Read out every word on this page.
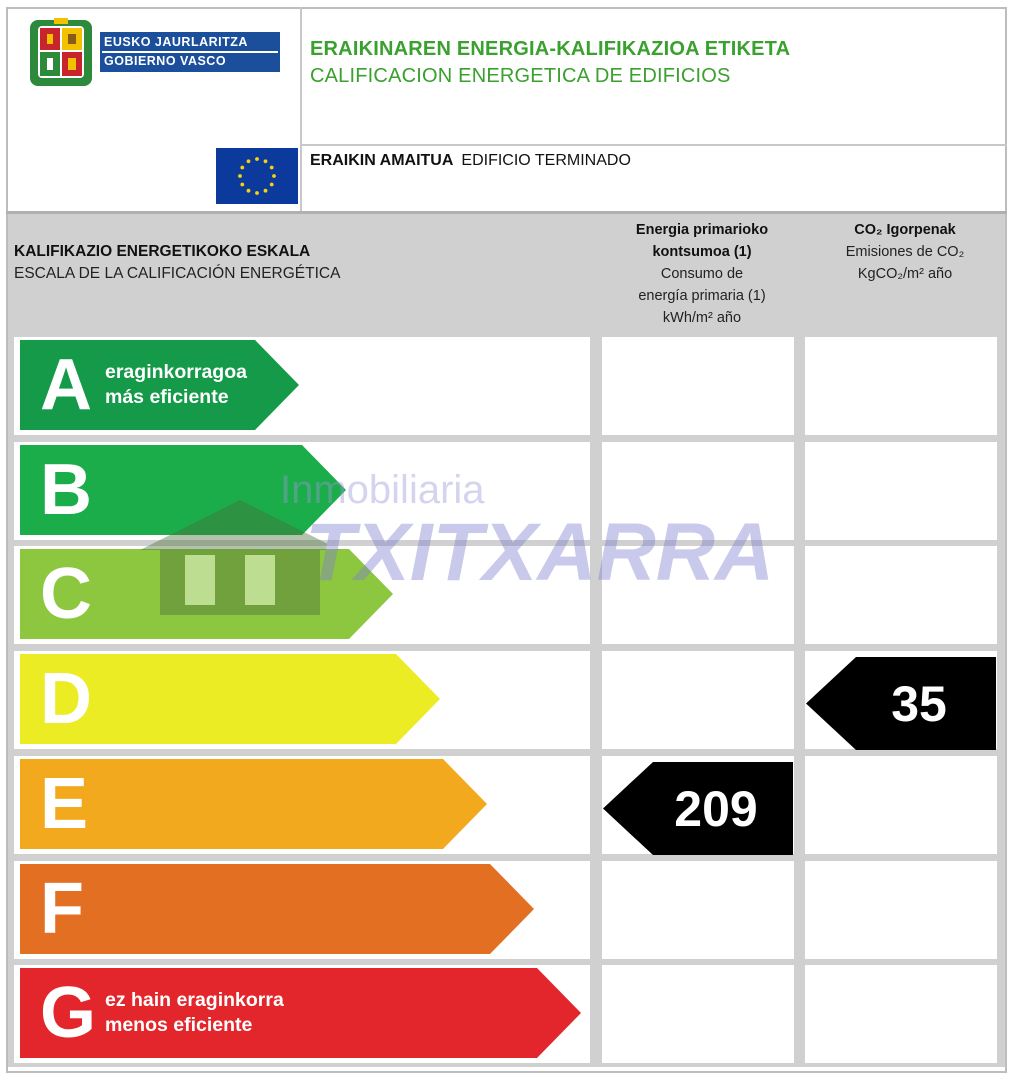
EUSKO JAURLARITZA
GOBIERNO VASCO
ERAIKINAREN ENERGIA-KALIFIKAZIOA ETIKETA
CALIFICACION ENERGETICA DE EDIFICIOS
ERAIKIN AMAITUA EDIFICIO TERMINADO
KALIFIKAZIO ENERGETIKOKO ESKALA
ESCALA DE LA CALIFICACIÓN ENERGÉTICA
Energia primarioko
kontsumoa (1)
Consumo de
energía primaria (1)
kWh/m² año
CO₂ Igorpenak
Emisiones de CO₂
KgCO₂/m² año
A eraginkorragoa
más eficiente
B
C
D	35
E	209
F
G ez hain eraginkorra
menos eficiente
Inmobiliaria
TXITXARRA
